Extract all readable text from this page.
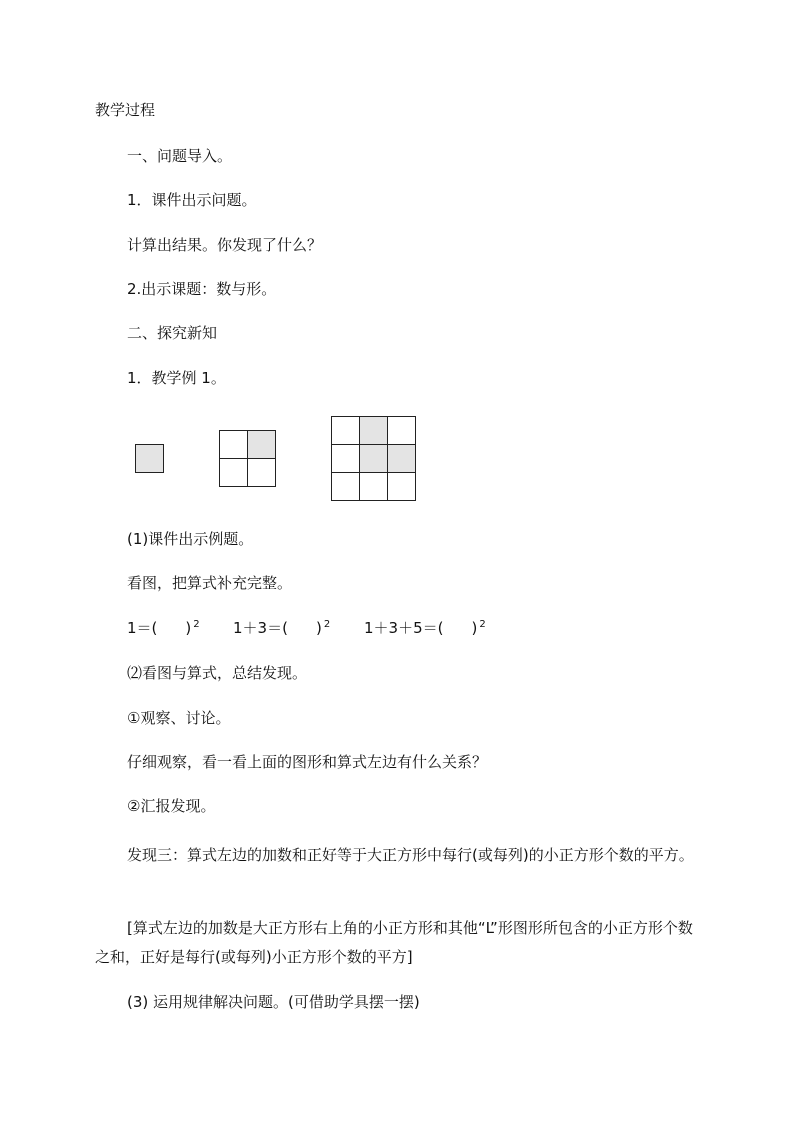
教学过程
一、问题导入。
1．课件出示问题。
计算出结果。你发现了什么？
2.出示课题：数与形。
二、探究新知
1．教学例 1。

(1)课件出示例题。
看图，把算式补充完整。
1＝( ) $^2$ 1＋3＝( ) $^2$ 1＋3＋5＝( ) $^2$
⑵看图与算式，总结发现。
①观察、讨论。
仔细观察，看一看上面的图形和算式左边有什么关系？
②汇报发现。
发现三：算式左边的加数和正好等于大正方形中每行(或每列)的小正方形个数的平方。
[算式左边的加数是大正方形右上角的小正方形和其他“L”形图形所包含的小正方形个数之和，正好是每行(或每列)小正方形个数的平方]
(3) 运用规律解决问题。(可借助学具摆一摆)
